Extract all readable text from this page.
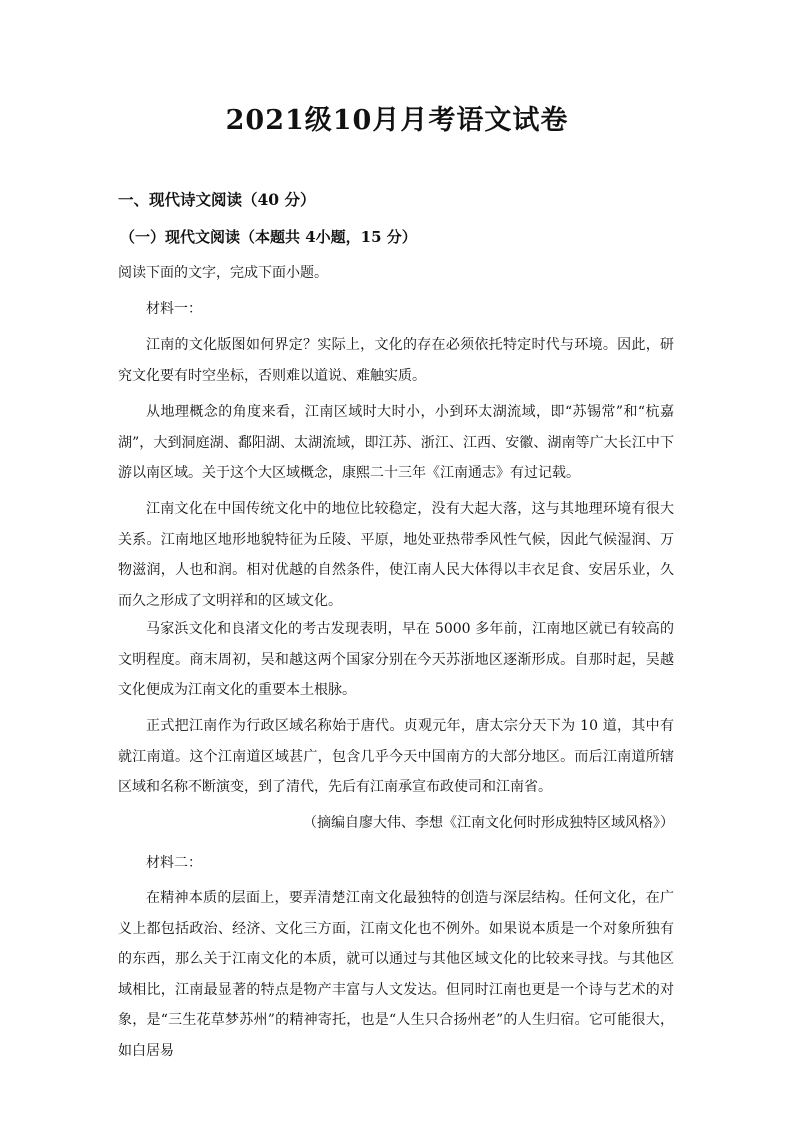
2021级10月月考语文试卷
一、现代诗文阅读（40 分）
（一）现代文阅读（本题共 4小题，15 分）
阅读下面的文字，完成下面小题。
材料一：

江南的文化版图如何界定？实际上，文化的存在必须依托特定时代与环境。因此，研究文化要有时空坐标，否则难以道说、难触实质。

从地理概念的角度来看，江南区域时大时小，小到环太湖流域，即“苏锡常”和“杭嘉湖”，大到洞庭湖、鄱阳湖、太湖流域，即江苏、浙江、江西、安徽、湖南等广大长江中下游以南区域。关于这个大区域概念，康熙二十三年《江南通志》有过记载。

江南文化在中国传统文化中的地位比较稳定，没有大起大落，这与其地理环境有很大关系。江南地区地形地貌特征为丘陵、平原，地处亚热带季风性气候，因此气候湿润、万物滋润，人也和润。相对优越的自然条件，使江南人民大体得以丰衣足食、安居乐业，久而久之形成了文明祥和的区域文化。

马家浜文化和良渚文化的考古发现表明，早在 5000 多年前，江南地区就已有较高的文明程度。商末周初，吴和越这两个国家分别在今天苏浙地区逐渐形成。自那时起，吴越文化便成为江南文化的重要本土根脉。

正式把江南作为行政区域名称始于唐代。贞观元年，唐太宗分天下为 10 道，其中有就江南道。这个江南道区域甚广，包含几乎今天中国南方的大部分地区。而后江南道所辖区域和名称不断演变，到了清代，先后有江南承宣布政使司和江南省。

（摘编自廖大伟、李想《江南文化何时形成独特区域风格》）
材料二：

在精神本质的层面上，要弄清楚江南文化最独特的创造与深层结构。任何文化，在广义上都包括政治、经济、文化三方面，江南文化也不例外。如果说本质是一个对象所独有的东西，那么关于江南文化的本质，就可以通过与其他区域文化的比较来寻找。与其他区域相比，江南最显著的特点是物产丰富与人文发达。但同时江南也更是一个诗与艺术的对象，是“三生花草梦苏州”的精神寄托，也是“人生只合扬州老”的人生归宿。它可能很大，如白居易
